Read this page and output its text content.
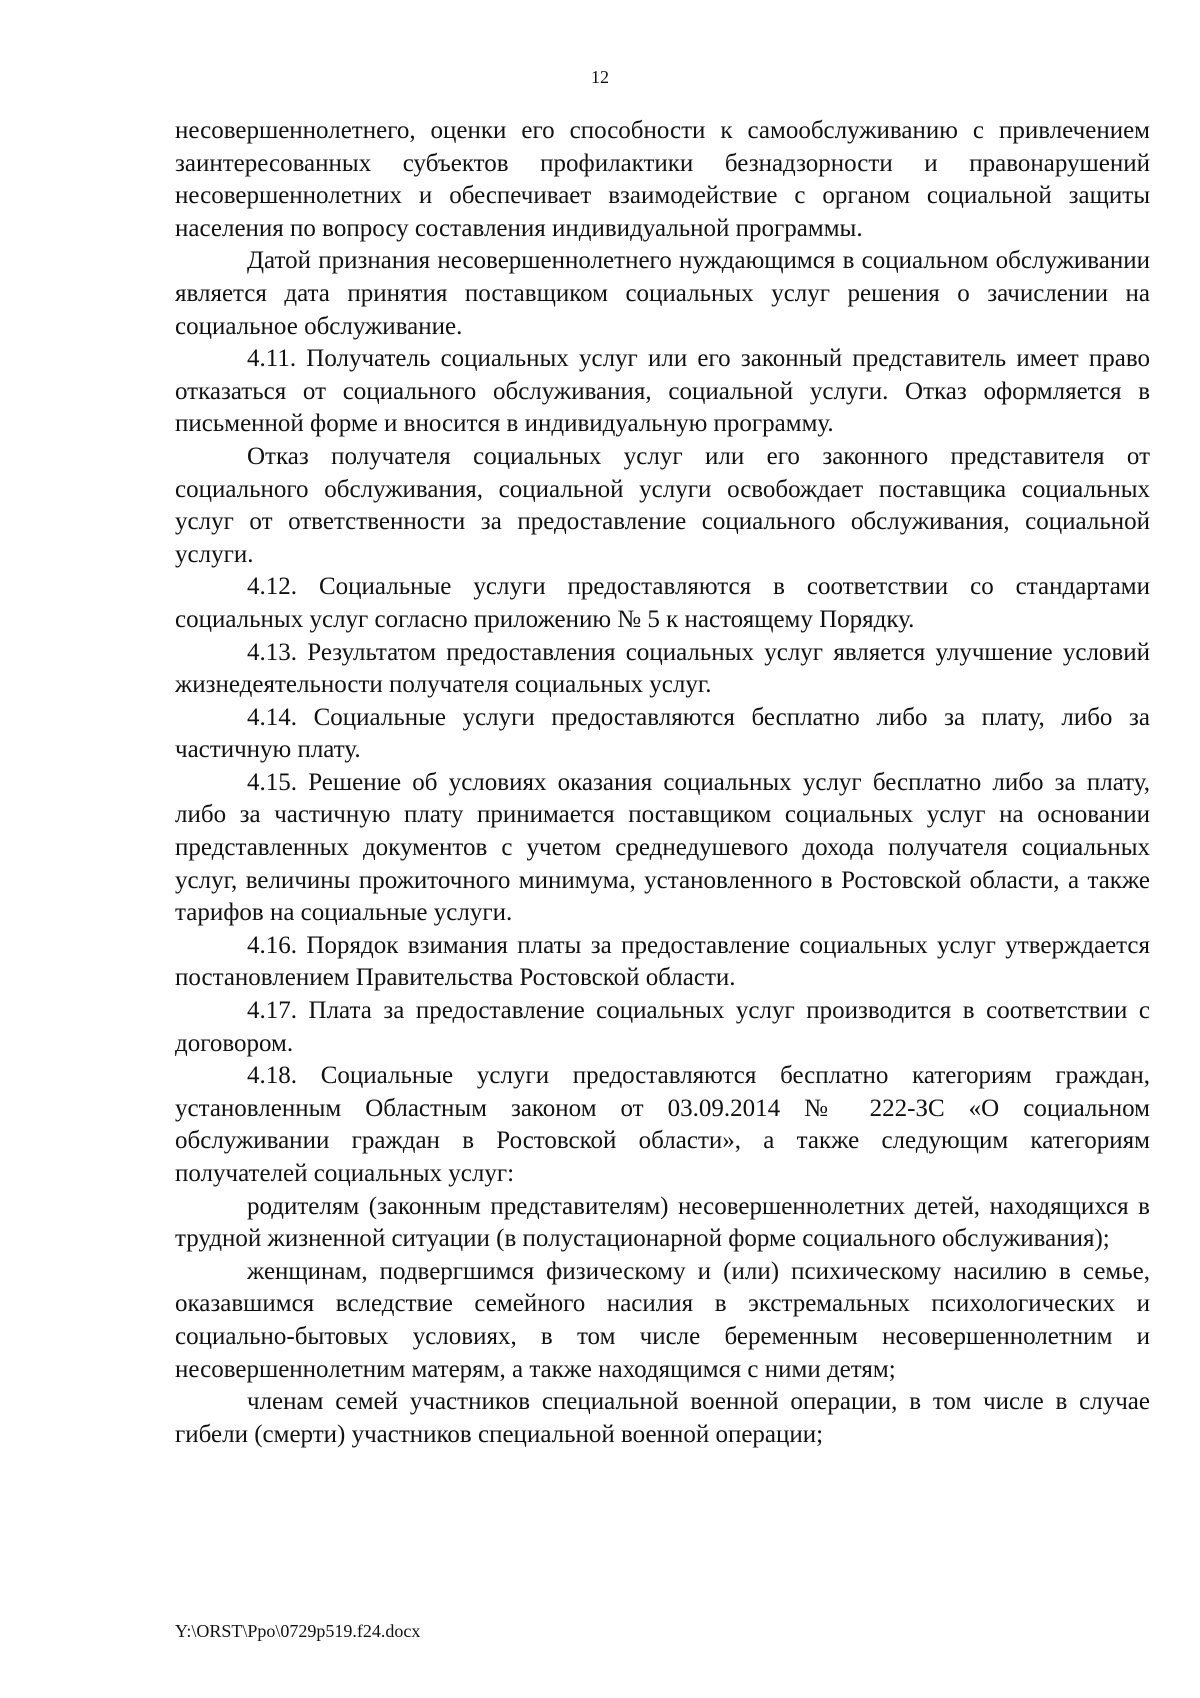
12

несовершеннолетнего, оценки его способности к самообслуживанию с привлечением заинтересованных субъектов профилактики безнадзорности и правонарушений несовершеннолетних и обеспечивает взаимодействие с органом социальной защиты населения по вопросу составления индивидуальной программы.

Датой признания несовершеннолетнего нуждающимся в социальном обслуживании является дата принятия поставщиком социальных услуг решения о зачислении на социальное обслуживание.

4.11. Получатель социальных услуг или его законный представитель имеет право отказаться от социального обслуживания, социальной услуги. Отказ оформляется в письменной форме и вносится в индивидуальную программу.

Отказ получателя социальных услуг или его законного представителя от социального обслуживания, социальной услуги освобождает поставщика социальных услуг от ответственности за предоставление социального обслуживания, социальной услуги.

4.12. Социальные услуги предоставляются в соответствии со стандартами социальных услуг согласно приложению № 5 к настоящему Порядку.

4.13. Результатом предоставления социальных услуг является улучшение условий жизнедеятельности получателя социальных услуг.

4.14. Социальные услуги предоставляются бесплатно либо за плату, либо за частичную плату.

4.15. Решение об условиях оказания социальных услуг бесплатно либо за плату, либо за частичную плату принимается поставщиком социальных услуг на основании представленных документов с учетом среднедушевого дохода получателя социальных услуг, величины прожиточного минимума, установленного в Ростовской области, а также тарифов на социальные услуги.

4.16. Порядок взимания платы за предоставление социальных услуг утверждается постановлением Правительства Ростовской области.

4.17. Плата за предоставление социальных услуг производится в соответствии с договором.

4.18. Социальные услуги предоставляются бесплатно категориям граждан, установленным Областным законом от 03.09.2014 № 222-ЗС «О социальном обслуживании граждан в Ростовской области», а также следующим категориям получателей социальных услуг:

родителям (законным представителям) несовершеннолетних детей, находящихся в трудной жизненной ситуации (в полустационарной форме социального обслуживания);

женщинам, подвергшимся физическому и (или) психическому насилию в семье, оказавшимся вследствие семейного насилия в экстремальных психологических и социально-бытовых условиях, в том числе беременным несовершеннолетним и несовершеннолетним матерям, а также находящимся с ними детям;

членам семей участников специальной военной операции, в том числе в случае гибели (смерти) участников специальной военной операции;

Y:\ORST\Ppo\0729p519.f24.docx
